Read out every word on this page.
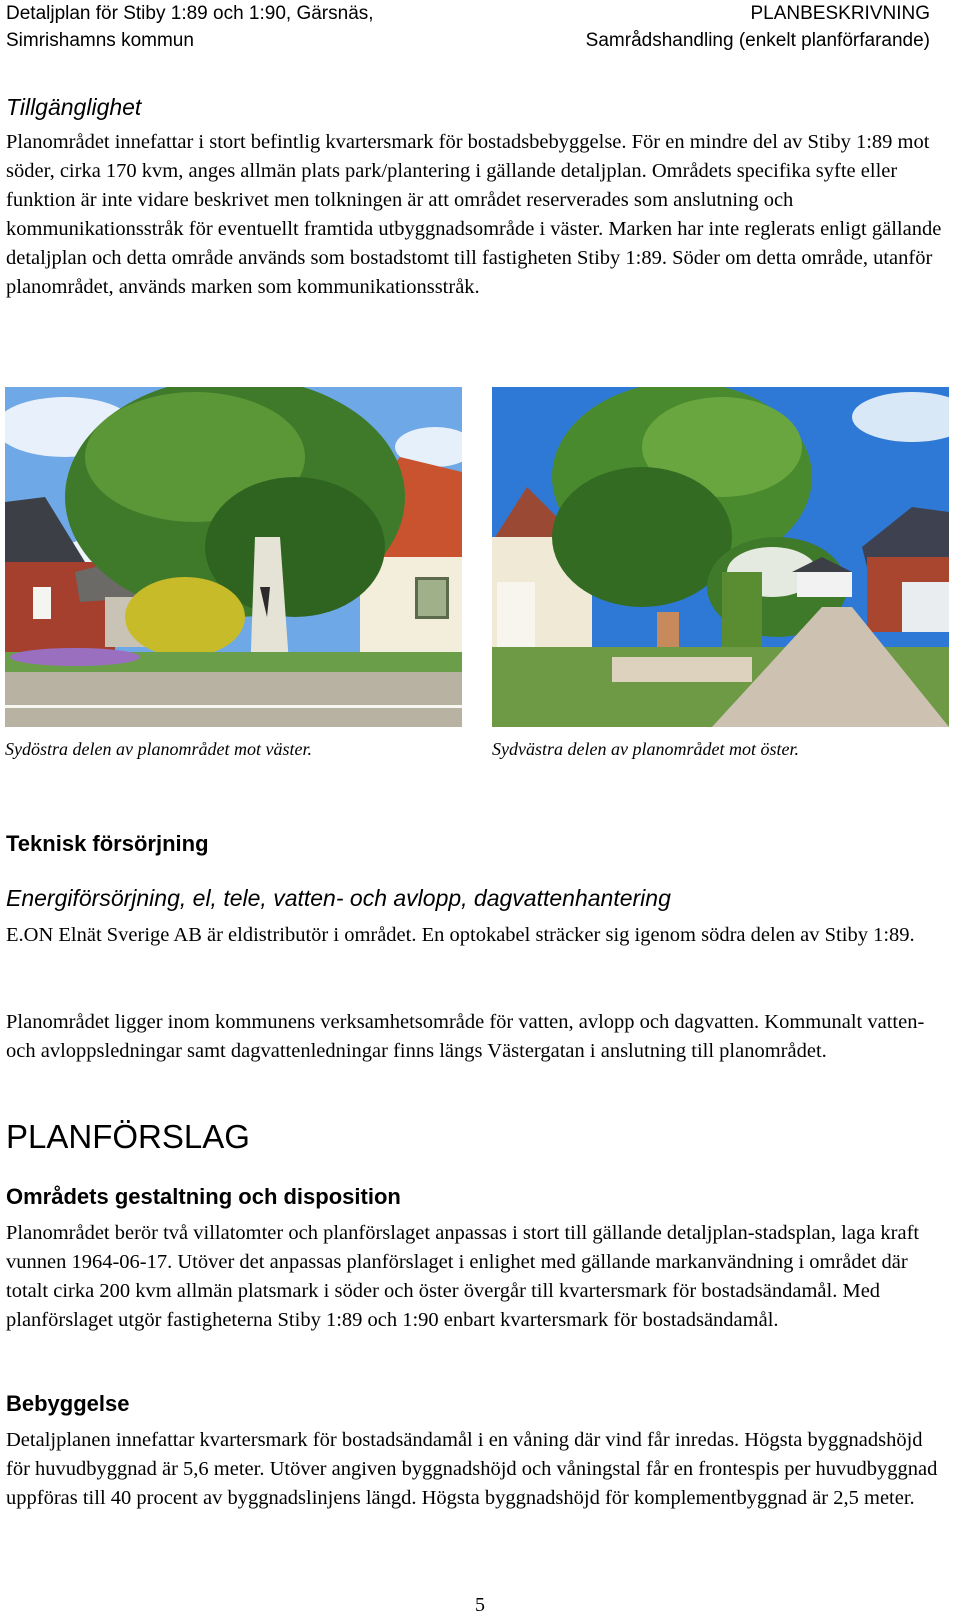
Detaljplan för Stiby 1:89 och 1:90, Gärsnäs,
Simrishamns kommun
PLANBESKRIVNING
Samrådshandling (enkelt planförfarande)
Tillgänglighet
Planområdet innefattar i stort befintlig kvartersmark för bostadsbebyggelse. För en mindre del av Stiby 1:89 mot söder, cirka 170 kvm, anges allmän plats park/plantering i gällande detaljplan. Områdets specifika syfte eller funktion är inte vidare beskrivet men tolkningen är att området reserverades som anslutning och kommunikationsstråk för eventuellt framtida utbyggnadsområde i väster. Marken har inte reglerats enligt gällande detaljplan och detta område används som bostadstomt till fastigheten Stiby 1:89. Söder om detta område, utanför planområdet, används marken som kommunikationsstråk.
Sydöstra delen av planområdet mot väster.	Sydvästra delen av planområdet mot öster.
Teknisk försörjning
Energiförsörjning, el, tele, vatten- och avlopp, dagvattenhantering
E.ON Elnät Sverige AB är eldistributör i området. En optokabel sträcker sig igenom södra delen av Stiby 1:89.
Planområdet ligger inom kommunens verksamhetsområde för vatten, avlopp och dagvatten. Kommunalt vatten- och avloppsledningar samt dagvattenledningar finns längs Västergatan i anslutning till planområdet.
PLANFÖRSLAG
Områdets gestaltning och disposition
Planområdet berör två villatomter och planförslaget anpassas i stort till gällande detaljplan-stadsplan, laga kraft vunnen 1964-06-17. Utöver det anpassas planförslaget i enlighet med gällande markanvändning i området där totalt cirka 200 kvm allmän platsmark i söder och öster övergår till kvartersmark för bostadsändamål. Med planförslaget utgör fastigheterna Stiby 1:89 och 1:90 enbart kvartersmark för bostadsändamål.
Bebyggelse
Detaljplanen innefattar kvartersmark för bostadsändamål i en våning där vind får inredas. Högsta byggnadshöjd för huvudbyggnad är 5,6 meter. Utöver angiven byggnadshöjd och våningstal får en frontespis per huvudbyggnad uppföras till 40 procent av byggnadslinjens längd. Högsta byggnadshöjd för komplementbyggnad är 2,5 meter.
5
